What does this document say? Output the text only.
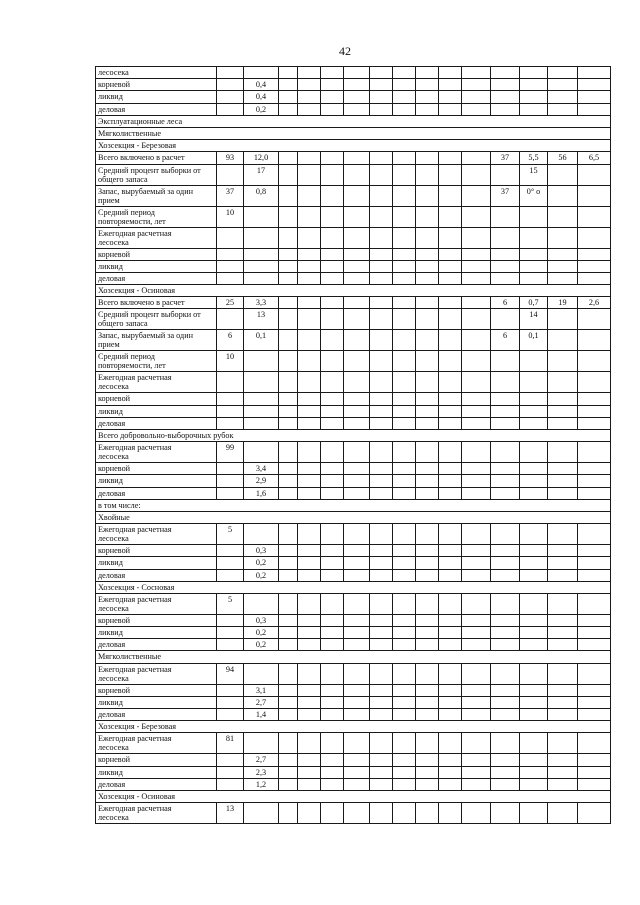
42
лесосека															
корневой		0,4													
ликвид		0,4													
деловая		0,2													
Эксплуатационные леса															
Мягколиственные															
Хозсекция - Березовая															
Всего включено в расчет	93	12,0										37	5,5	56	6,5
Средний процент выборки от
общего запаса		17											15		
Запас, вырубаемый за один
прием	37	0,8										37	0° о		
Средний период
повторяемости, лет	10														
Ежегодная расчетная
лесосека															
корневой															
ликвид															
деловая															
Хозсекция - Осиновая															
Всего включено в расчет	25	3,3										6	0,7	19	2,6
Средний процент выборки от
общего запаса		13											14		
Запас, вырубаемый за один
прием	6	0,1										6	0,1		
Средний период
повторяемости, лет	10														
Ежегодная расчетная
лесосека															
корневой															
ликвид															
деловая															
Всего добровольно-выборочных рубок															
Ежегодная расчетная
лесосека	99														
корневой		3,4													
ликвид		2,9													
деловая		1,6													
в том числе:															
Хвойные															
Ежегодная расчетная
лесосека	5														
корневой		0,3													
ликвид		0,2													
деловая		0,2													
Хозсекция - Сосновая															
Ежегодная расчетная
лесосека	5														
корневой		0,3													
ликвид		0,2													
деловая		0,2													
Мягколиственные															
Ежегодная расчетная
лесосека	94														
корневой		3,1													
ликвид		2,7													
деловая		1,4													
Хозсекция - Березовая															
Ежегодная расчетная
лесосека	81														
корневой		2,7													
ликвид		2,3													
деловая		1,2													
Хозсекция - Осиновая															
Ежегодная расчетная
лесосека	13														
